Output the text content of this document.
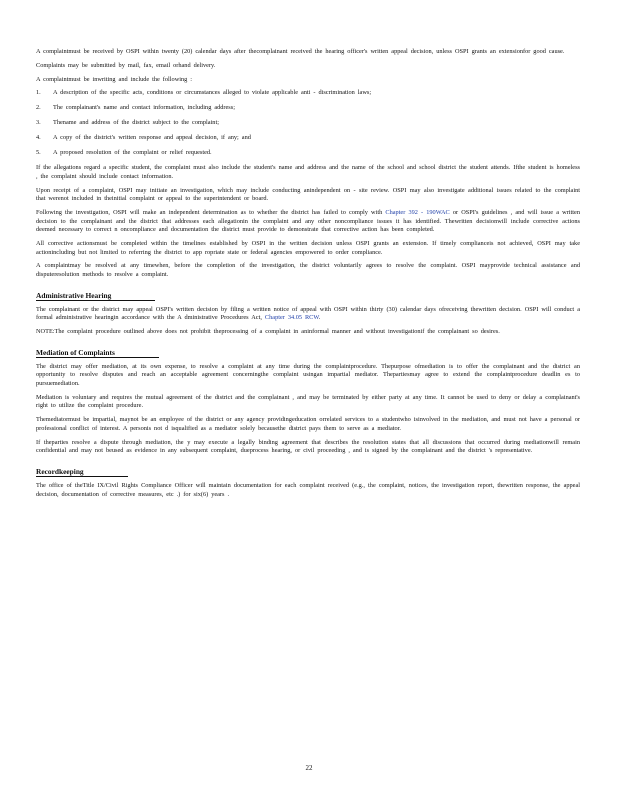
A complaintmust be received by OSPI within twenty (20) calendar days after thecomplainant received the hearing officer's written appeal decision, unless OSPI grants an extensionfor good cause.

Complaints may be submitted by mail, fax, email orhand delivery.

A complaintmust be inwriting and include the following :

1.	A description of the specific acts, conditions or circumstances alleged to violate applicable anti - discrimination laws;
2.	The complainant's name and contact information, including address;
3.	Thename and address of the district subject to the complaint;
4.	A copy of the district's written response and appeal decision, if any; and
5.	A proposed resolution of the complaint or relief requested.

If the allegations regard a specific student, the complaint must also include the student's name and address and the name of the school and school district the student attends. Ifthe student is homeless , the complaint should include contact information.

Upon receipt of a complaint, OSPI may initiate an investigation, which may include conducting anindependent on - site review. OSPI may also investigate additional issues related to the complaint that werenot included in theinitial complaint or appeal to the superintendent or board.

Following the investigation, OSPI will make an independent determination as to whether the district has failed to comply with Chapter 392 - 190WAC or OSPI's guidelines , and will issue a written decision to the complainant and the district that addresses each allegationin the complaint and any other noncompliance issues it has identified. Thewritten decisionwill include corrective actions deemed necessary to correct n oncompliance and documentation the district must provide to demonstrate that corrective action has been completed.

All corrective actionsmust be completed within the timelines established by OSPI in the written decision unless OSPI grants an extension. If timely complianceis not achieved, OSPI may take actionincluding but not limited to referring the district to app ropriate state or federal agencies empowered to order compliance.

A complaintmay be resolved at any timewhen, before the completion of the investigation, the district voluntarily agrees to resolve the complaint. OSPI mayprovide technical assistance and disputeresolution methods to resolve a complaint.

Administrative Hearing

The complainant or the district may appeal OSPI's written decision by filing a written notice of appeal with OSPI within thirty (30) calendar days ofreceiving thewritten decision. OSPI will conduct a formal administrative hearingin accordance with the A dministrative Procedures Act, Chapter 34.05 RCW.

NOTE:The complaint procedure outlined above does not prohibit theprocessing of a complaint in aninformal manner and without investigationif the complainant so desires.

Mediation of Complaints

The district may offer mediation, at its own expense, to resolve a complaint at any time during the complaintprocedure. Thepurpose ofmediation is to offer the complainant and the district an opportunity to resolve disputes and reach an acceptable agreement concerningthe complaint usingan impartial mediator. Thepartiesmay agree to extend the complaintprocedure deadlin es to pursuemediation.

Mediation is voluntary and requires the mutual agreement of the district and the complainant , and may be terminated by either party at any time. It cannot be used to deny or delay a complainant's right to utilize the complaint procedure.

Themediatormust be impartial, maynot be an employee of the district or any agency providingeducation orrelated services to a studentwho isinvolved in the mediation, and must not have a personal or professional conflict of interest. A personis not d isqualified as a mediator solely becausethe district pays them to serve as a mediator.

If theparties resolve a dispute through mediation, the y may execute a legally binding agreement that describes the resolution states that all discussions that occurred during mediationwill remain confidential and may not beused as evidence in any subsequent complaint, dueprocess hearing, or civil proceeding , and is signed by the complainant and the district 's representative.

Recordkeeping

The office of theTitle IX/Civil Rights Compliance Officer will maintain documentation for each complaint received (e.g., the complaint, notices, the investigation report, thewritten response, the appeal decision, documentation of corrective measures, etc .) for six(6) years .

22
